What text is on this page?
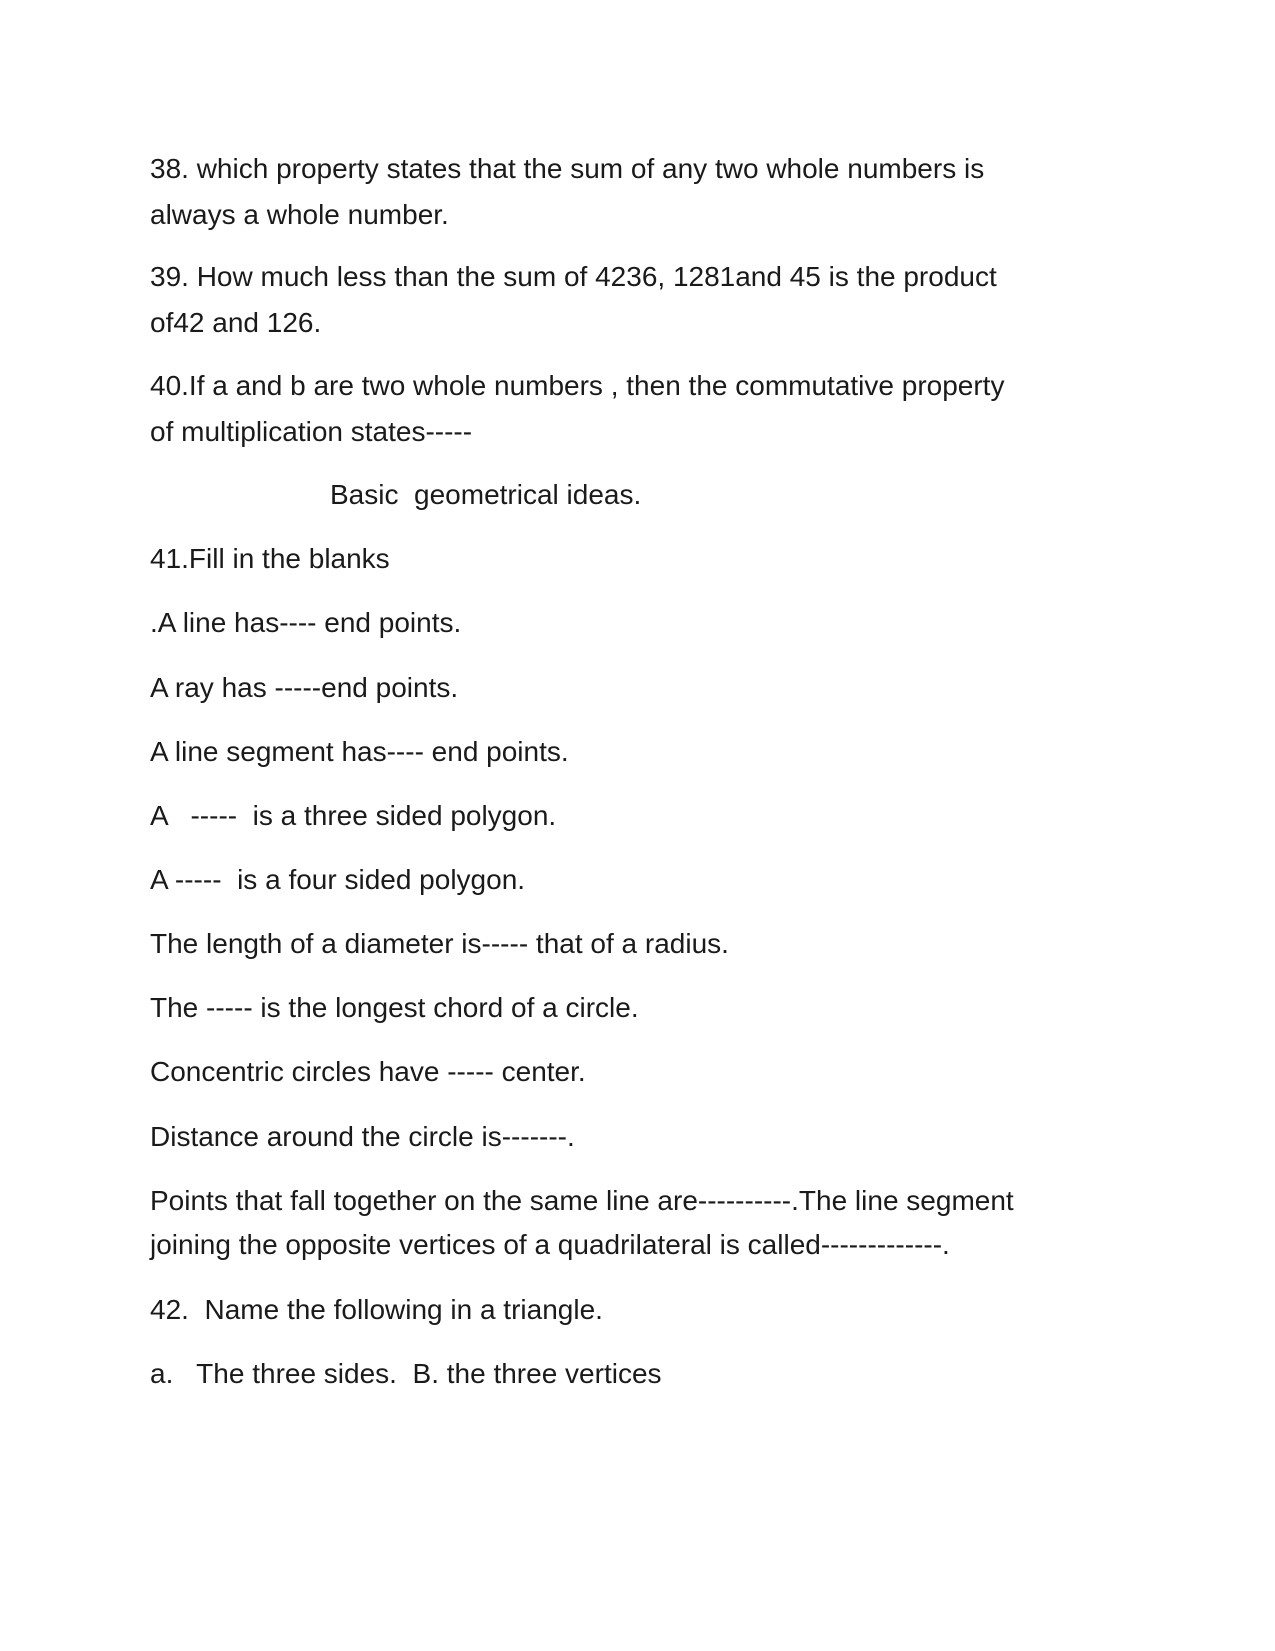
38. which property states that the sum of any two whole numbers is

always a whole number.

39. How much less than the sum of 4236, 1281and 45 is the product

of42 and 126.

40.If a and b are two whole numbers , then the commutative property

of multiplication states-----

Basic  geometrical ideas.

41.Fill in the blanks

.A line has---- end points.

A ray has -----end points.

A line segment has---- end points.

A   -----  is a three sided polygon.

A -----  is a four sided polygon.

The length of a diameter is----- that of a radius.

The ----- is the longest chord of a circle.

Concentric circles have ----- center.

Distance around the circle is-------.

Points that fall together on the same line are----------.The line segment

joining the opposite vertices of a quadrilateral is called-------------.

42.  Name the following in a triangle.

a.   The three sides.  B. the three vertices
